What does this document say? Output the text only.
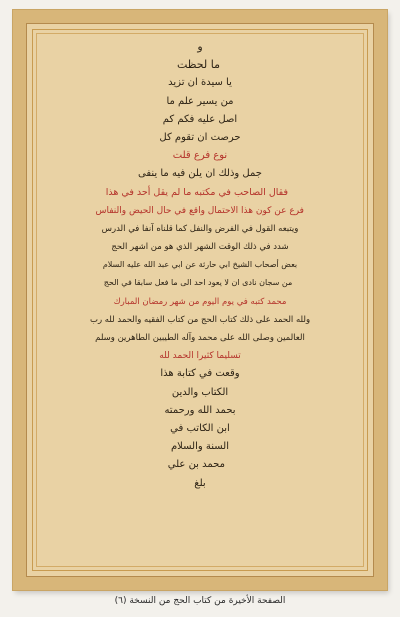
و
ما لحظت
يا سيدة ان تزيد
من يسير علم ما
اصل عليه فكم كم
حرصت ان تقوم كل
نوع فرع قلت
جمل وذلك ان يلن فيه ما ينفى
فقال الصاحب في مكتبه ما لم يقل أحد في هذا
فرع عن كون هذا الاحتمال واقع في حال الحيض والنفاس
ويتبعه القول في الفرض والنفل كما قلناه آنفا في الدرس
شدد في ذلك الوقت الشهر الذي هو من اشهر الحج
بعض أصحاب الشيخ ابي حارثة عن ابي عبد الله عليه السلام
من سجان نادى ان لا يعود احد الى ما فعل سابقا في الحج
محمد كتبه في يوم اليوم من شهر رمضان المبارك
ولله الحمد على ذلك كتاب الحج من كتاب الفقيه والحمد لله رب
العالمين وصلى الله على محمد وآله الطيبين الطاهرين وسلم
تسليما كثيرا الحمد لله
وقعت في كتابة هذا
الكتاب والدين
بحمد الله ورحمته
ابن الكاتب في
السنة والسلام
محمد بن علي
بلغ
الصفحة الأخيرة من كتاب الحج من النسخة (٦)
